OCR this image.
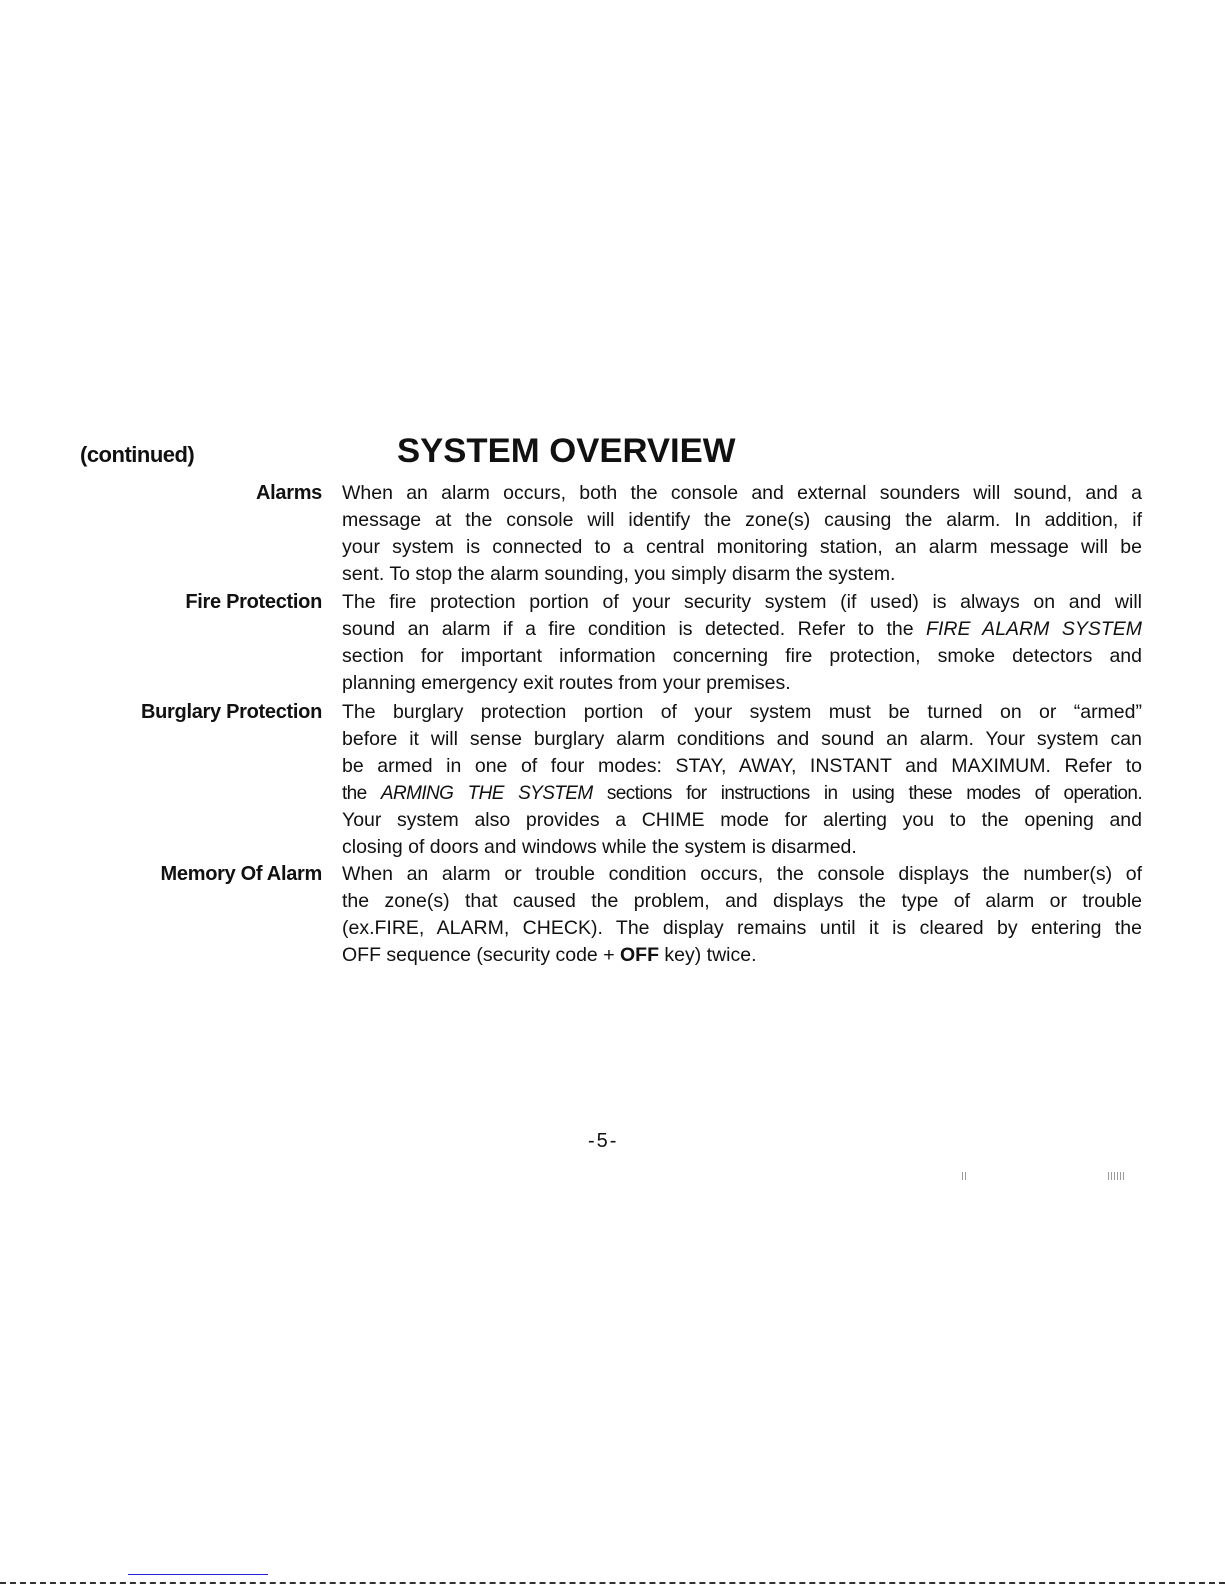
(continued)	SYSTEM OVERVIEW
Alarms When an alarm occurs, both the console and external sounders will sound, and a
message at the console will identify the zone(s) causing the alarm. In addition, if
your system is connected to a central monitoring station, an alarm message will be
sent. To stop the alarm sounding, you simply disarm the system.
Fire Protection The fire protection portion of your security system (if used) is always on and will
sound an alarm if a fire condition is detected. Refer to the FIRE ALARM SYSTEM
section for important information concerning fire protection, smoke detectors and
planning emergency exit routes from your premises.
Burglary Protection The burglary protection portion of your system must be turned on or “armed”
before it will sense burglary alarm conditions and sound an alarm. Your system can
be armed in one of four modes: STAY, AWAY, INSTANT and MAXIMUM. Refer to
the ARMING THE SYSTEM sections for instructions in using these modes of operation.
Your system also provides a CHIME mode for alerting you to the opening and
closing of doors and windows while the system is disarmed.
Memory Of Alarm When an alarm or trouble condition occurs, the console displays the number(s) of
the zone(s) that caused the problem, and displays the type of alarm or trouble
(ex.FIRE, ALARM, CHECK). The display remains until it is cleared by entering the
OFF sequence (security code + OFF key) twice.
-5-
